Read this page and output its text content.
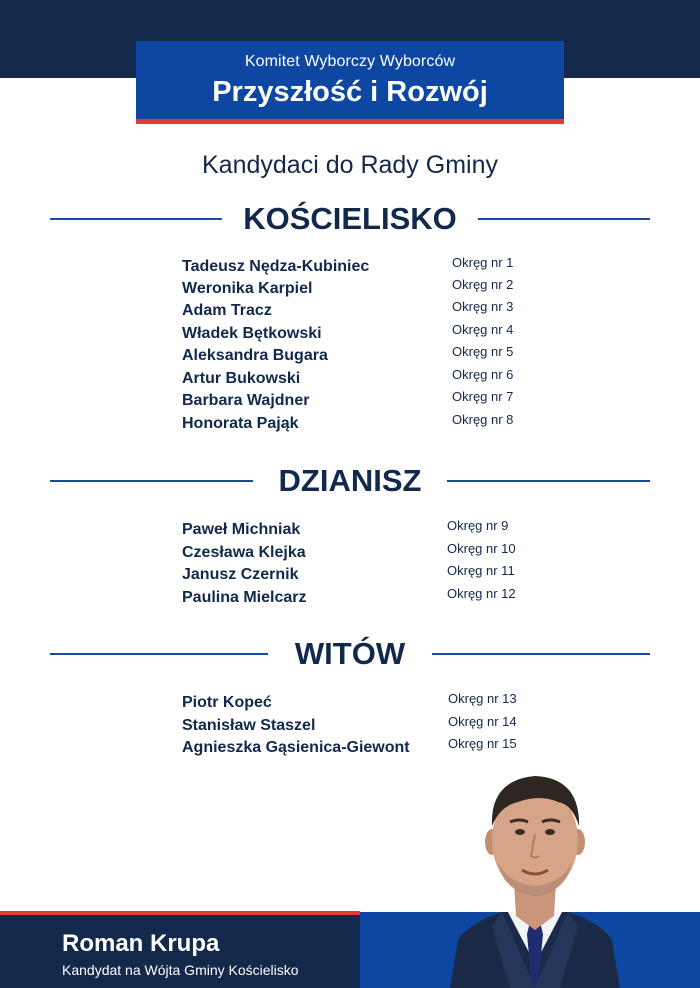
Komitet Wyborczy Wyborców
Przyszłość i Rozwój
Kandydaci do Rady Gminy
KOŚCIELISKO
Tadeusz Nędza-Kubiniec	Okręg nr 1
Weronika Karpiel	Okręg nr 2
Adam Tracz	Okręg nr 3
Władek Bętkowski	Okręg nr 4
Aleksandra Bugara	Okręg nr 5
Artur Bukowski	Okręg nr 6
Barbara Wajdner	Okręg nr 7
Honorata Pająk	Okręg nr 8
DZIANISZ
Paweł Michniak	Okręg nr 9
Czesława Klejka	Okręg nr 10
Janusz Czernik	Okręg nr 11
Paulina Mielcarz	Okręg nr 12
WITÓW
Piotr Kopeć	Okręg nr 13
Stanisław Staszel	Okręg nr 14
Agnieszka Gąsienica-Giewont	Okręg nr 15
Roman Krupa
Kandydat na Wójta Gminy Kościelisko
